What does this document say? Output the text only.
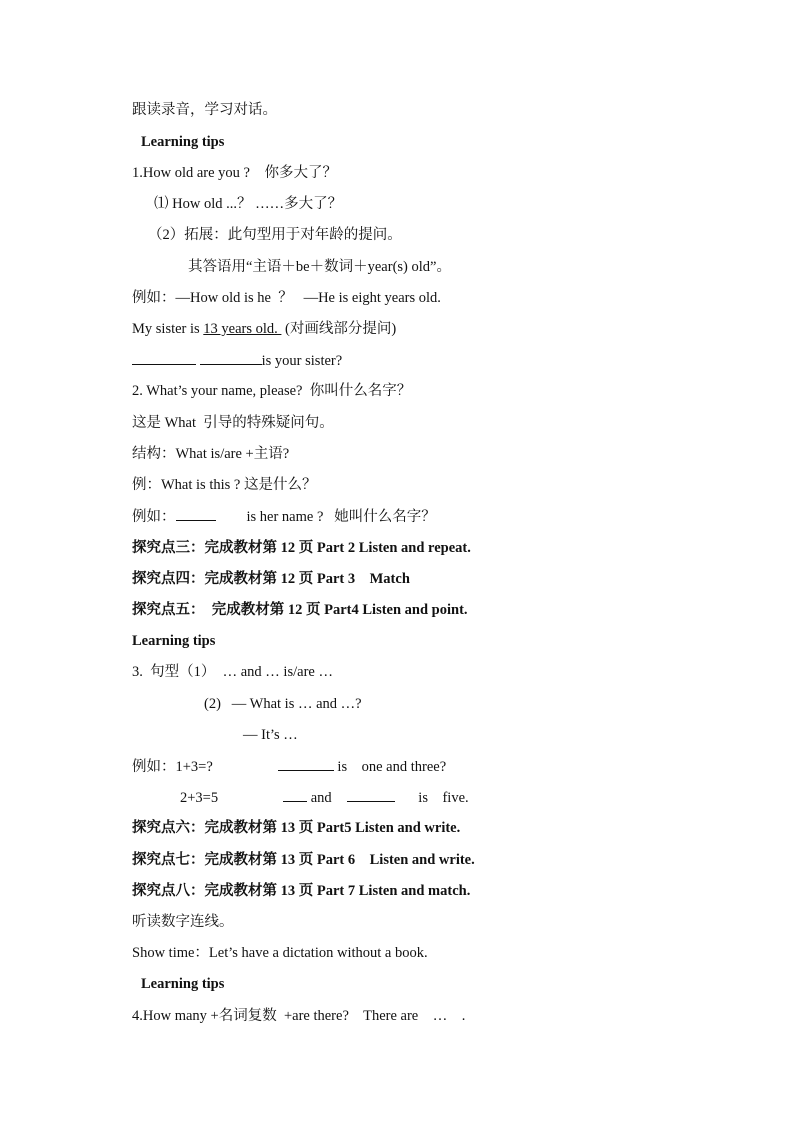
跟读录音，学习对话。
Learning tips
1.How old are you ?    你多大了？
⑴ How old ...？ ……多大了？
（2）拓展：此句型用于对年龄的提问。
其答语用“主语＋be＋数词＋year(s) old”。
例如：—How old is he  ？   —He is eight years old.
My sister is 13 years old.  (对画线部分提问)
is your sister?
2. What’s your name, please?  你叫什么名字？
这是 What  引导的特殊疑问句。
结构：What is/are +主语?
例：What is this ? 这是什么？
例如：	is her name ?   她叫什么名字？
探究点三：完成教材第 12 页 Part 2 Listen and repeat.
探究点四：完成教材第 12 页 Part 3    Match
探究点五：  完成教材第 12 页 Part4 Listen and point.
Learning tips
3.  句型（1）  … and … is/are …
(2)   — What is … and …?
— It’s …
例如：1+3=?	is    one and three?
2+3=5	and	is    five.
探究点六：完成教材第 13 页 Part5 Listen and write.
探究点七：完成教材第 13 页 Part 6    Listen and write.
探究点八：完成教材第 13 页 Part 7 Listen and match.
听读数字连线。
Show time：Let’s have a dictation without a book.
Learning tips
4.How many +名词复数  +are there?    There are    …    .
